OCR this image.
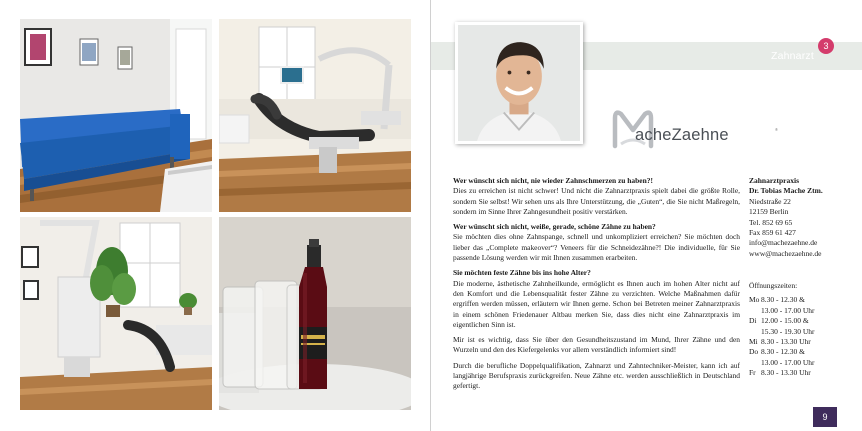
Zahnarzt
3
acheZaehne	®
Wer wünscht sich nicht, nie wieder Zahnschmerzen zu haben?!

Dies zu erreichen ist nicht schwer! Und nicht die Zahnarztpraxis spielt dabei die größte Rolle, sondern Sie selbst! Wir sehen uns als Ihre Unterstützung, die „Guten“, die Sie nicht Maßregeln, sondern im Sinne Ihrer Zahngesundheit positiv verstärken.

Wer wünscht sich nicht, weiße, gerade, schöne Zähne zu haben?

Sie möchten dies ohne Zahnspange, schnell und unkompliziert erreichen? Sie möchten doch lieber das „Complete makeover“? Veneers für die Schneidezähne?! Die individuelle, für Sie passende Lösung werden wir mit Ihnen zusammen erarbeiten.

Sie möchten feste Zähne bis ins hohe Alter?

Die moderne, ästhetische Zahnheilkunde, ermöglicht es Ihnen auch im hohen Alter nicht auf den Komfort und die Lebensqualität fester Zähne zu verzichten. Welche Maßnahmen dafür ergriffen werden müssen, erläutern wir Ihnen gerne. Schon bei Betreten meiner Zahnarztpraxis in einem schönen Friedenauer Altbau merken Sie, dass dies nicht eine Zahnarztpraxis im eigentlichen Sinn ist.

Mir ist es wichtig, dass Sie über den Gesundheitszustand im Mund, Ihrer Zähne und den Wurzeln und den des Kiefergelenks vor allem verständlich informiert sind!

Durch die berufliche Doppelqualifikation, Zahnarzt und Zahntechniker-Meister, kann ich auf langjährige Berufspraxis zurückgreifen. Neue Zähne etc. werden ausschließlich in Deutschland gefertigt.

Zahnarztpraxis
Dr. Tobias Mache Ztm.
Niedstraße 22
12159 Berlin
Tel. 852 69 65
Fax 859 61 427
info@machezaehne.de
www@machezaehne.de
Öffnungszeiten:
Mo 8.30 - 12.30 &
13.00 - 17.00 Uhr
Di 12.00 - 15.00 &
15.30 - 19.30 Uhr
Mi 8.30 - 13.30 Uhr
Do 8.30 - 12.30 &
13.00 - 17.00 Uhr
Fr 8.30 - 13.30 Uhr
9
